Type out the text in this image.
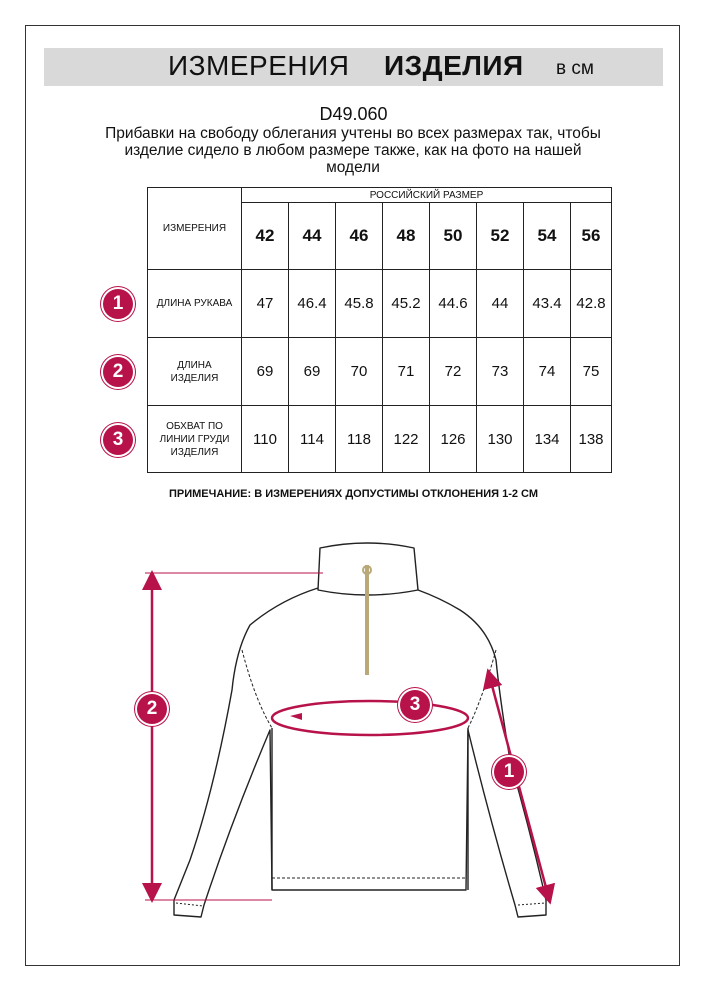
ИЗМЕРЕНИЯ ИЗДЕЛИЯ в см
D49.060
Прибавки на свободу облегания учтены во всех размерах так, чтобы изделие сидело в любом размере также, как на фото на нашей модели
ИЗМЕРЕНИЯ	РОССИЙСКИЙ РАЗМЕР							
	42	44	46	48	50	52	54	56
ДЛИНА РУКАВА	47	46.4	45.8	45.2	44.6	44	43.4	42.8
ДЛИНА ИЗДЕЛИЯ	69	69	70	71	72	73	74	75
ОБХВАТ ПО ЛИНИИ ГРУДИ ИЗДЕЛИЯ	110	114	118	122	126	130	134	138
1
2
3
ПРИМЕЧАНИЕ: В ИЗМЕРЕНИЯХ ДОПУСТИМЫ ОТКЛОНЕНИЯ 1-2 СМ
2	3
1
